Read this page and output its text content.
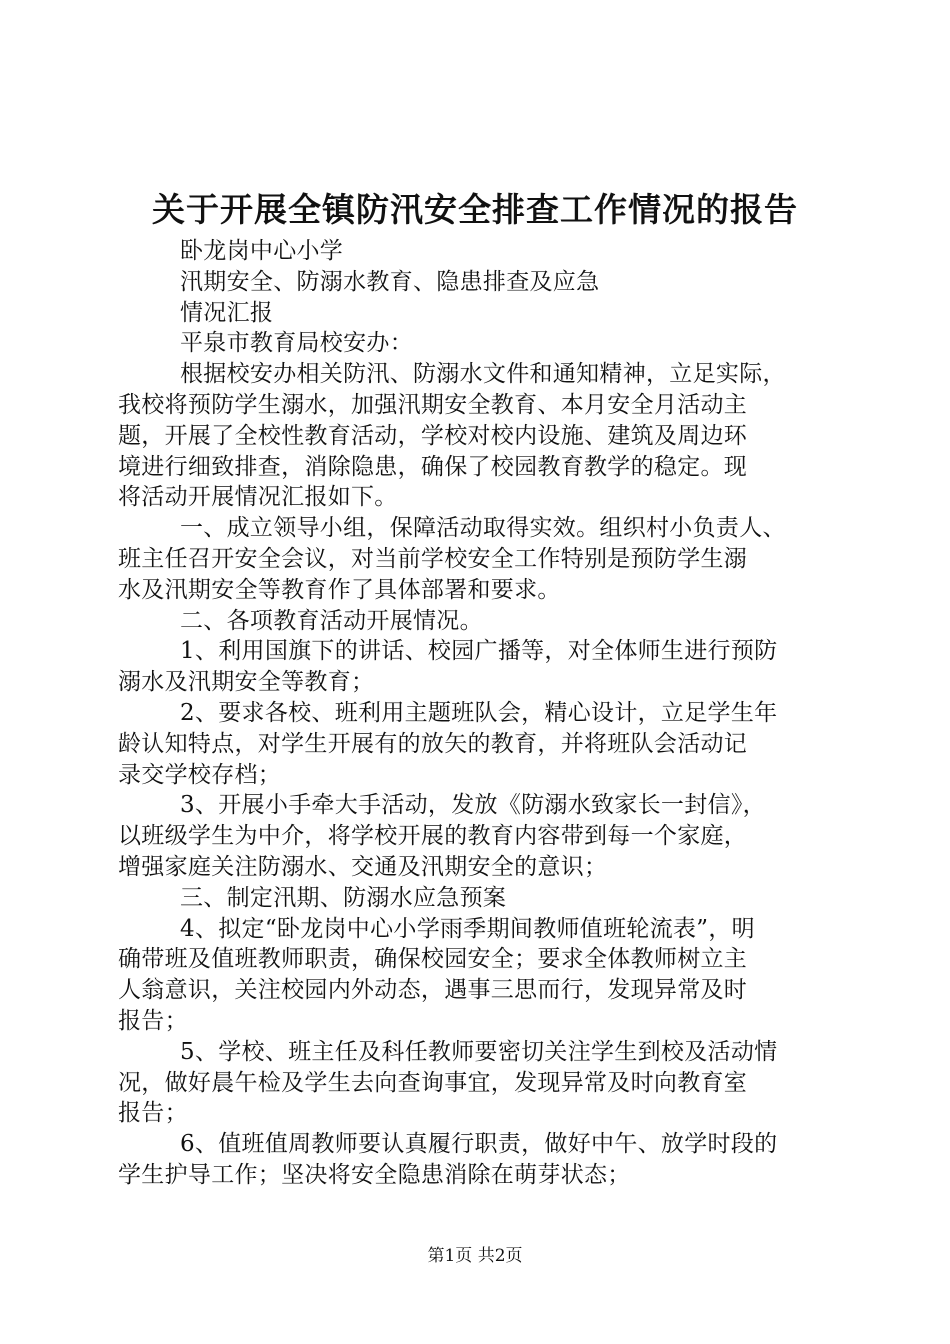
关于开展全镇防汛安全排查工作情况的报告
卧龙岗中心小学
汛期安全、防溺水教育、隐患排查及应急
情况汇报
平泉市教育局校安办：
根据校安办相关防汛、防溺水文件和通知精神，立足实际，
我校将预防学生溺水，加强汛期安全教育、本月安全月活动主
题，开展了全校性教育活动，学校对校内设施、建筑及周边环
境进行细致排查，消除隐患，确保了校园教育教学的稳定。现
将活动开展情况汇报如下。
一、成立领导小组，保障活动取得实效。组织村小负责人、
班主任召开安全会议，对当前学校安全工作特别是预防学生溺
水及汛期安全等教育作了具体部署和要求。
二、各项教育活动开展情况。
1、利用国旗下的讲话、校园广播等，对全体师生进行预防
溺水及汛期安全等教育；
2、要求各校、班利用主题班队会，精心设计，立足学生年
龄认知特点，对学生开展有的放矢的教育，并将班队会活动记
录交学校存档；
3、开展小手牵大手活动，发放《防溺水致家长一封信》，
以班级学生为中介，将学校开展的教育内容带到每一个家庭，
增强家庭关注防溺水、交通及汛期安全的意识；
三、制定汛期、防溺水应急预案
4、拟定“卧龙岗中心小学雨季期间教师值班轮流表”，明
确带班及值班教师职责，确保校园安全；要求全体教师树立主
人翁意识，关注校园内外动态，遇事三思而行，发现异常及时
报告；
5、学校、班主任及科任教师要密切关注学生到校及活动情
况，做好晨午检及学生去向查询事宜，发现异常及时向教育室
报告；
6、值班值周教师要认真履行职责，做好中午、放学时段的
学生护导工作；坚决将安全隐患消除在萌芽状态；
第1页 共2页
